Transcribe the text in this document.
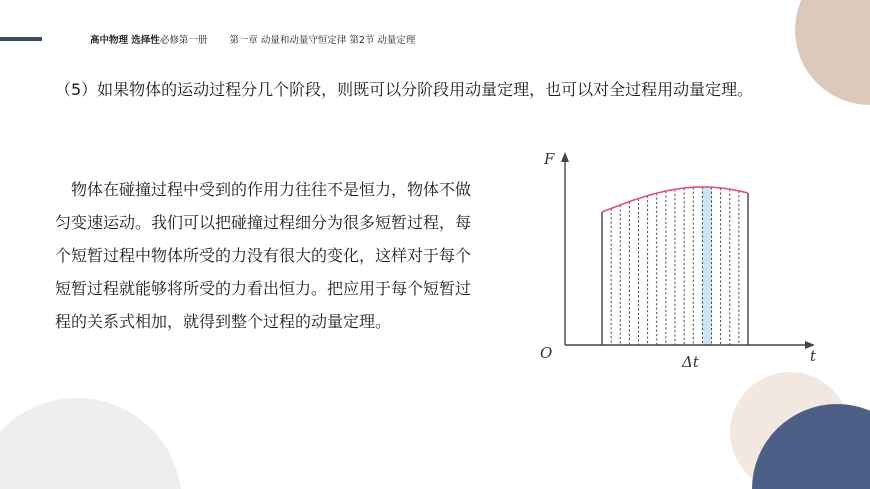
高中物理 选择性必修第一册 第一章 动量和动量守恒定律 第2节 动量定理

（5）如果物体的运动过程分几个阶段，则既可以分阶段用动量定理，也可以对全过程用动量定理。

物体在碰撞过程中受到的作用力往往不是恒力，物体不做匀变速运动。我们可以把碰撞过程细分为很多短暂过程，每个短暂过程中物体所受的力没有很大的变化，这样对于每个短暂过程就能够将所受的力看出恒力。把应用于每个短暂过程的关系式相加，就得到整个过程的动量定理。

F
t
O	Δt
